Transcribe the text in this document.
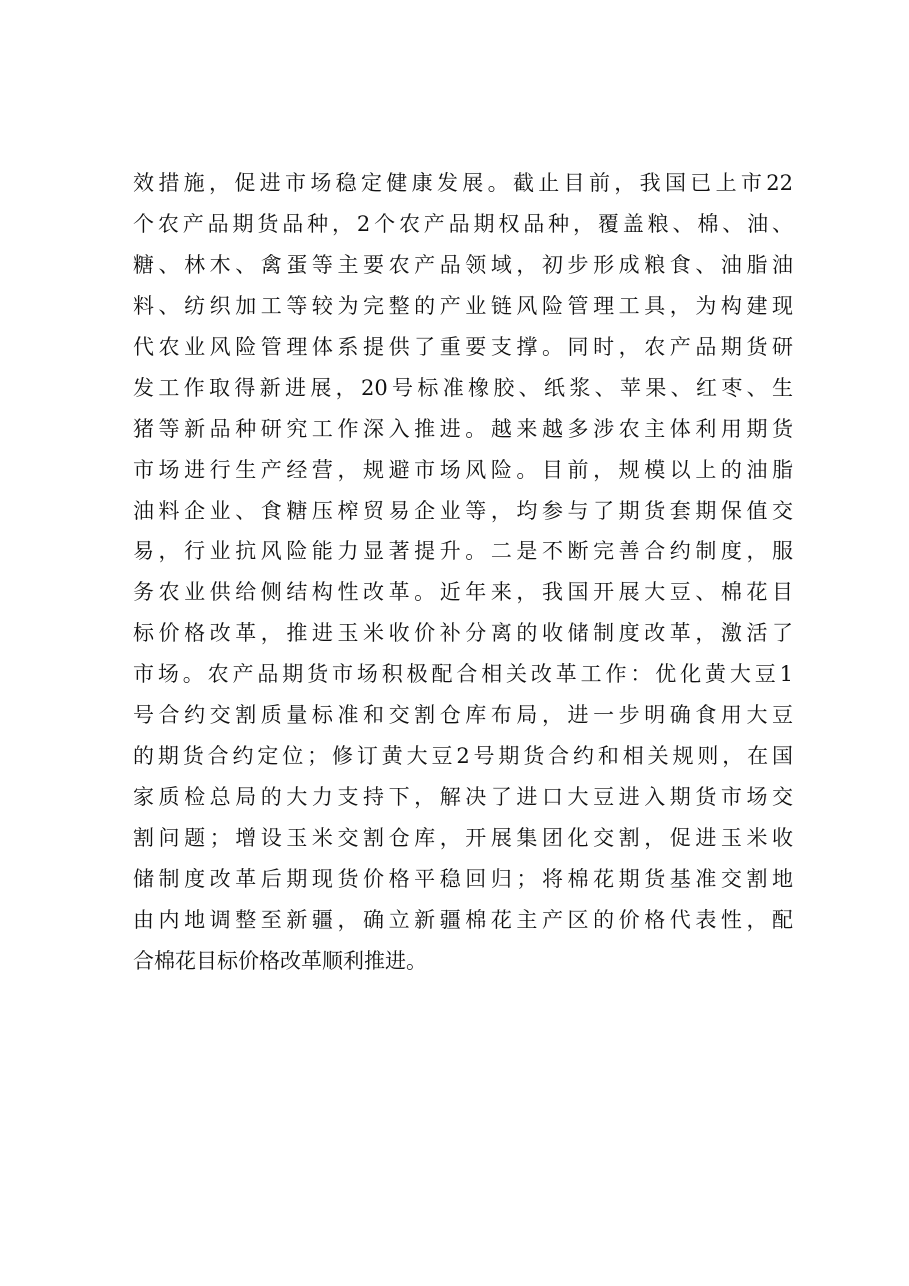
效措施，促进市场稳定健康发展。截止目前，我国已上市22
个农产品期货品种，2个农产品期权品种，覆盖粮、棉、油、
糖、林木、禽蛋等主要农产品领域，初步形成粮食、油脂油
料、纺织加工等较为完整的产业链风险管理工具，为构建现
代农业风险管理体系提供了重要支撑。同时，农产品期货研
发工作取得新进展，20号标准橡胶、纸浆、苹果、红枣、生
猪等新品种研究工作深入推进。越来越多涉农主体利用期货
市场进行生产经营，规避市场风险。目前，规模以上的油脂
油料企业、食糖压榨贸易企业等，均参与了期货套期保值交
易，行业抗风险能力显著提升。二是不断完善合约制度，服
务农业供给侧结构性改革。近年来，我国开展大豆、棉花目
标价格改革，推进玉米收价补分离的收储制度改革，激活了
市场。农产品期货市场积极配合相关改革工作：优化黄大豆1
号合约交割质量标准和交割仓库布局，进一步明确食用大豆
的期货合约定位；修订黄大豆2号期货合约和相关规则，在国
家质检总局的大力支持下，解决了进口大豆进入期货市场交
割问题；增设玉米交割仓库，开展集团化交割，促进玉米收
储制度改革后期现货价格平稳回归；将棉花期货基准交割地
由内地调整至新疆，确立新疆棉花主产区的价格代表性，配
合棉花目标价格改革顺利推进。
